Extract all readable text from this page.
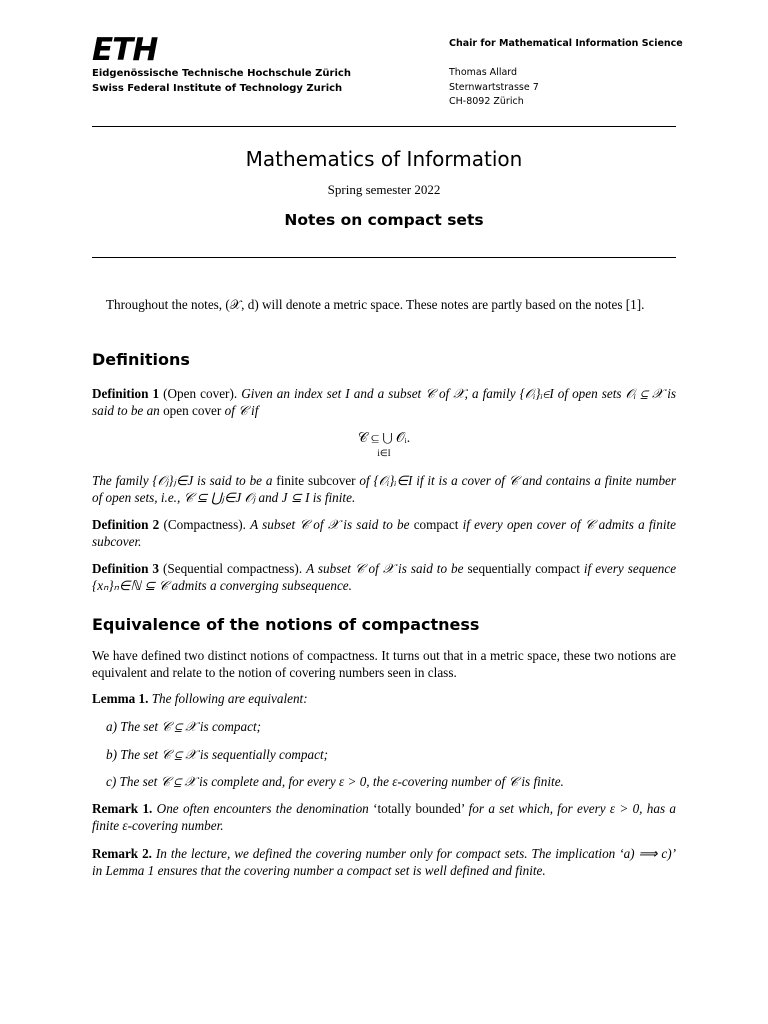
ETH
Eidgenössische Technische Hochschule Zürich
Swiss Federal Institute of Technology Zurich
Chair for Mathematical Information Science
Thomas Allard
Sternwartstrasse 7
CH-8092 Zürich
Mathematics of Information
Spring semester 2022
Notes on compact sets
Throughout the notes, (𝒳, d) will denote a metric space. These notes are partly based on the notes [1].
Definitions
Definition 1 (Open cover). Given an index set I and a subset 𝒞 of 𝒳, a family {𝒪ᵢ}ᵢ∈I of open sets 𝒪ᵢ ⊆ 𝒳 is said to be an open cover of 𝒞 if
𝒞 ⊆ ⋃ 𝒪ᵢ.
i∈I
The family {𝒪ⱼ}ⱼ∈J is said to be a finite subcover of {𝒪ᵢ}ᵢ∈I if it is a cover of 𝒞 and contains a finite number of open sets, i.e., 𝒞 ⊆ ⋃ⱼ∈J 𝒪ⱼ and J ⊆ I is finite.
Definition 2 (Compactness). A subset 𝒞 of 𝒳 is said to be compact if every open cover of 𝒞 admits a finite subcover.
Definition 3 (Sequential compactness). A subset 𝒞 of 𝒳 is said to be sequentially compact if every sequence {xₙ}ₙ∈ℕ ⊆ 𝒞 admits a converging subsequence.
Equivalence of the notions of compactness
We have defined two distinct notions of compactness. It turns out that in a metric space, these two notions are equivalent and relate to the notion of covering numbers seen in class.
Lemma 1. The following are equivalent:
a) The set 𝒞 ⊆ 𝒳 is compact;
b) The set 𝒞 ⊆ 𝒳 is sequentially compact;
c) The set 𝒞 ⊆ 𝒳 is complete and, for every ε > 0, the ε-covering number of 𝒞 is finite.
Remark 1. One often encounters the denomination ‘totally bounded’ for a set which, for every ε > 0, has a finite ε-covering number.
Remark 2. In the lecture, we defined the covering number only for compact sets. The implication ‘a) ⟹ c)’ in Lemma 1 ensures that the covering number a compact set is well defined and finite.
